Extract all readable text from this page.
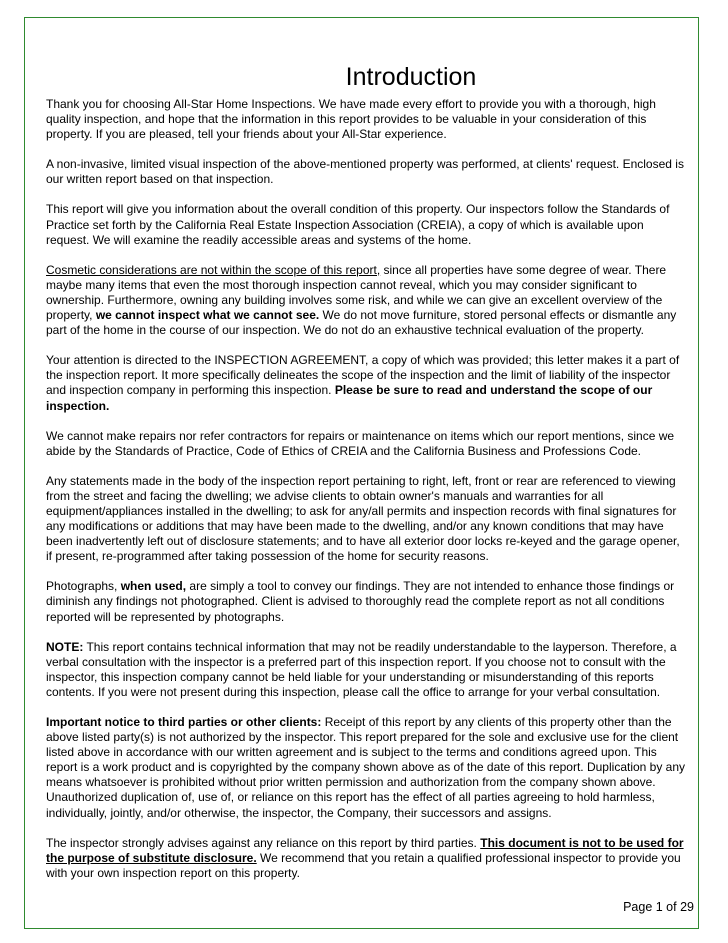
Introduction

Thank you for choosing All-Star Home Inspections. We have made every effort to provide you with a thorough, high quality inspection, and hope that the information in this report provides to be valuable in your consideration of this property. If you are pleased, tell your friends about your All-Star experience.

A non-invasive, limited visual inspection of the above-mentioned property was performed, at clients' request. Enclosed is our written report based on that inspection.

This report will give you information about the overall condition of this property. Our inspectors follow the Standards of Practice set forth by the California Real Estate Inspection Association (CREIA), a copy of which is available upon request. We will examine the readily accessible areas and systems of the home.

Cosmetic considerations are not within the scope of this report, since all properties have some degree of wear. There maybe many items that even the most thorough inspection cannot reveal, which you may consider significant to ownership. Furthermore, owning any building involves some risk, and while we can give an excellent overview of the property, we cannot inspect what we cannot see. We do not move furniture, stored personal effects or dismantle any part of the home in the course of our inspection. We do not do an exhaustive technical evaluation of the property.

Your attention is directed to the INSPECTION AGREEMENT, a copy of which was provided; this letter makes it a part of the inspection report. It more specifically delineates the scope of the inspection and the limit of liability of the inspector and inspection company in performing this inspection. Please be sure to read and understand the scope of our inspection.

We cannot make repairs nor refer contractors for repairs or maintenance on items which our report mentions, since we abide by the Standards of Practice, Code of Ethics of CREIA and the California Business and Professions Code.

Any statements made in the body of the inspection report pertaining to right, left, front or rear are referenced to viewing from the street and facing the dwelling; we advise clients to obtain owner's manuals and warranties for all equipment/appliances installed in the dwelling; to ask for any/all permits and inspection records with final signatures for any modifications or additions that may have been made to the dwelling, and/or any known conditions that may have been inadvertently left out of disclosure statements; and to have all exterior door locks re-keyed and the garage opener, if present, re-programmed after taking possession of the home for security reasons.

Photographs, when used, are simply a tool to convey our findings. They are not intended to enhance those findings or diminish any findings not photographed. Client is advised to thoroughly read the complete report as not all conditions reported will be represented by photographs.

NOTE: This report contains technical information that may not be readily understandable to the layperson. Therefore, a verbal consultation with the inspector is a preferred part of this inspection report. If you choose not to consult with the inspector, this inspection company cannot be held liable for your understanding or misunderstanding of this reports contents. If you were not present during this inspection, please call the office to arrange for your verbal consultation.

Important notice to third parties or other clients: Receipt of this report by any clients of this property other than the above listed party(s) is not authorized by the inspector. This report prepared for the sole and exclusive use for the client listed above in accordance with our written agreement and is subject to the terms and conditions agreed upon. This report is a work product and is copyrighted by the company shown above as of the date of this report. Duplication by any means whatsoever is prohibited without prior written permission and authorization from the company shown above. Unauthorized duplication of, use of, or reliance on this report has the effect of all parties agreeing to hold harmless, individually, jointly, and/or otherwise, the inspector, the Company, their successors and assigns.

The inspector strongly advises against any reliance on this report by third parties. This document is not to be used for the purpose of substitute disclosure. We recommend that you retain a qualified professional inspector to provide you with your own inspection report on this property.

Page 1 of 29
